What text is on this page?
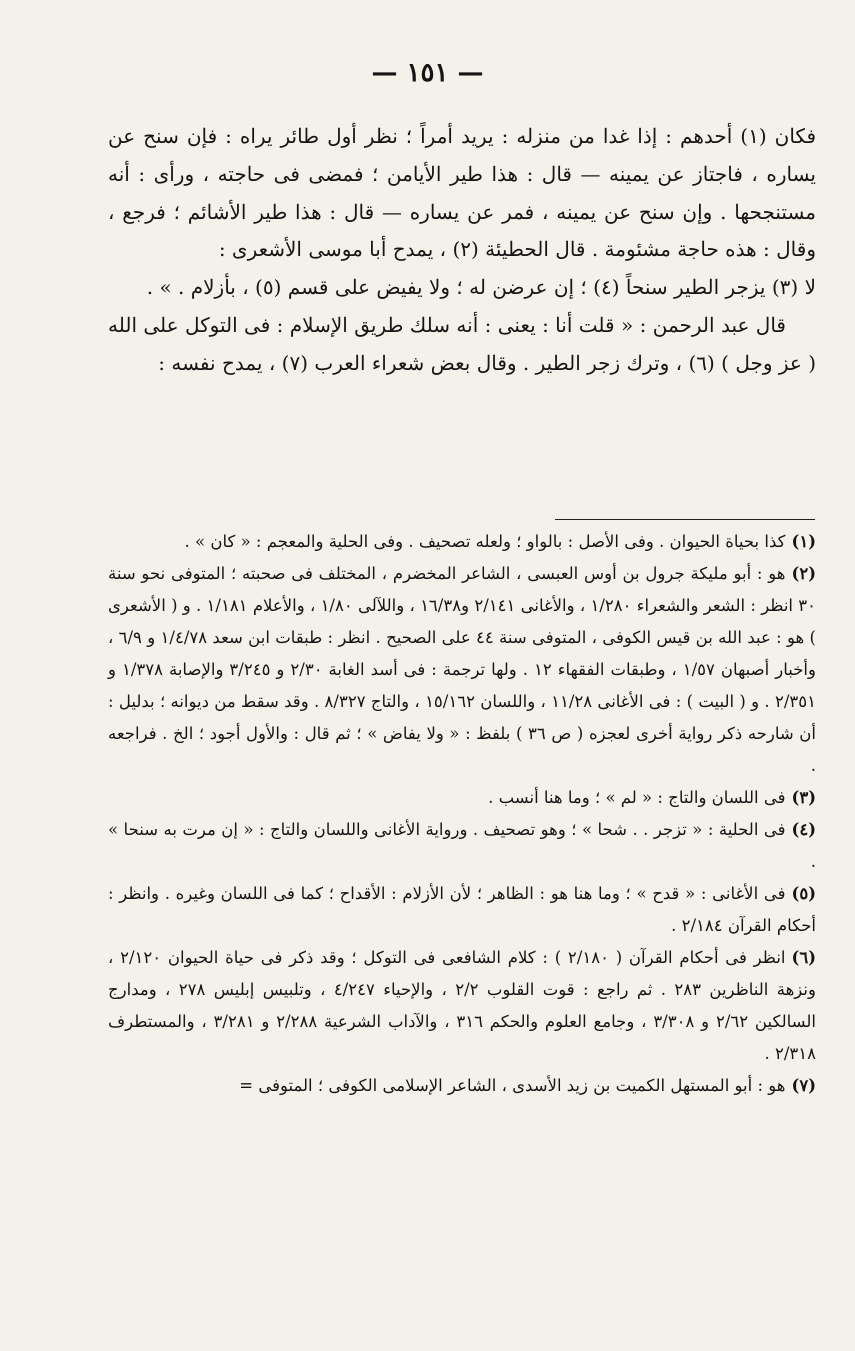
— ١٥١ —

فكان (١) أحدهم : إذا غدا من منزله : يريد أمراً ؛ نظر أول طائر يراه : فإن سنح عن يساره ، فاجتاز عن يمينه — قال : هذا طير الأيامن ؛ فمضى فى حاجته ، ورأى : أنه مستنجحها . وإن سنح عن يمينه ، فمر عن يساره — قال : هذا طير الأشائم ؛ فرجع ، وقال : هذه حاجة مشئومة . قال الحطيئة (٢) ، يمدح أبا موسى الأشعرى :

لا (٣) يزجر الطير سنحاً (٤) ؛ إن عرضن له ؛ ولا يفيض على قسم (٥) ، بأزلام . » .

قال عبد الرحمن : « قلت أنا : يعنى : أنه سلك طريق الإسلام : فى التوكل على الله ( عز وجل ) (٦) ، وترك زجر الطير . وقال بعض شعراء العرب (٧) ، يمدح نفسه :

(١)كذا بحياة الحيوان . وفى الأصل : بالواو ؛ ولعله تصحيف . وفى الحلية والمعجم : « كان » .

(٢)هو : أبو مليكة جرول بن أوس العبسى ، الشاعر المخضرم ، المختلف فى صحبته ؛ المتوفى نحو سنة ٣٠ انظر : الشعر والشعراء ١/٢٨٠ ، والأغانى ٢/١٤١ و١٦/٣٨ ، واللآلى ١/٨٠ ، والأعلام ١/١٨١ . و ( الأشعرى ) هو : عبد الله بن قيس الكوفى ، المتوفى سنة ٤٤ على الصحيح . انظر : طبقات ابن سعد ١/٤/٧٨ و ٦/٩ ، وأخبار أصبهان ١/٥٧ ، وطبقات الفقهاء ١٢ . ولها ترجمة : فى أسد الغابة ٢/٣٠ و ٣/٢٤٥ والإصابة ١/٣٧٨ و ٢/٣٥١ . و ( البيت ) : فى الأغانى ١١/٢٨ ، واللسان ١٥/١٦٢ ، والتاج ٨/٣٢٧ . وقد سقط من ديوانه ؛ بدليل : أن شارحه ذكر رواية أخرى لعجزه ( ص ٣٦ ) بلفظ : « ولا يفاض » ؛ ثم قال : والأول أجود ؛ الخ . فراجعه .

(٣)فى اللسان والتاج : « لم » ؛ وما هنا أنسب .

(٤)فى الحلية : « تزجر . . شحا » ؛ وهو تصحيف . ورواية الأغانى واللسان والتاج : « إن مرت به سنحا » .

(٥)فى الأغانى : « قدح » ؛ وما هنا هو : الظاهر ؛ لأن الأزلام : الأقداح ؛ كما فى اللسان وغيره . وانظر : أحكام القرآن ٢/١٨٤ .

(٦)انظر فى أحكام القرآن ( ٢/١٨٠ ) : كلام الشافعى فى التوكل ؛ وقد ذكر فى حياة الحيوان ٢/١٢٠ ، ونزهة الناظرين ٢٨٣ . ثم راجع : قوت القلوب ٢/٢ ، والإحياء ٤/٢٤٧ ، وتلبيس إبليس ٢٧٨ ، ومدارج السالكين ٢/٦٢ و ٣/٣٠٨ ، وجامع العلوم والحكم ٣١٦ ، والآداب الشرعية ٢/٢٨٨ و ٣/٢٨١ ، والمستطرف ٢/٣١٨ .

(٧)هو : أبو المستهل الكميت بن زيد الأسدى ، الشاعر الإسلامى الكوفى ؛ المتوفى =
